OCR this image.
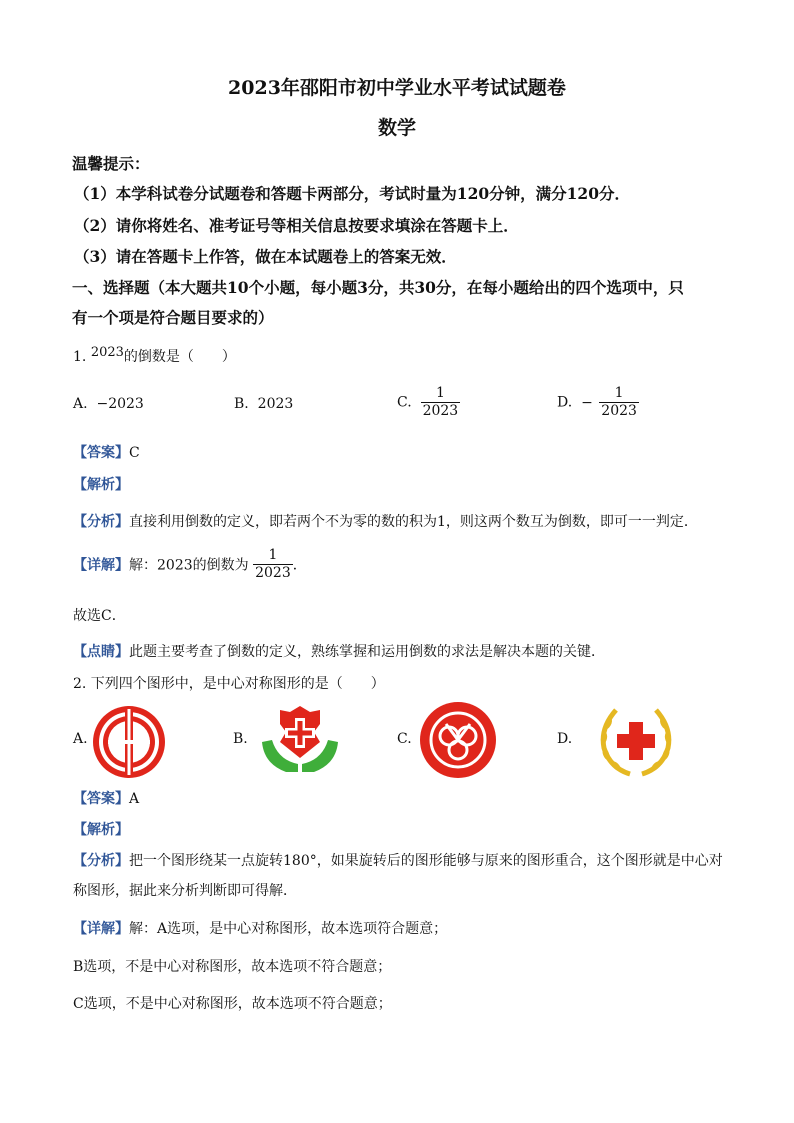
2023年邵阳市初中学业水平考试试题卷
数学
温馨提示：
（1）本学科试卷分试题卷和答题卡两部分，考试时量为120分钟，满分120分．
（2）请你将姓名、准考证号等相关信息按要求填涂在答题卡上．
（3）请在答题卡上作答，做在本试题卷上的答案无效．
一、选择题（本大题共10个小题，每小题3分，共30分，在每小题给出的四个选项中，只
有一个项是符合题目要求的）
1. 2023的倒数是（　　）
A. −2023	B. 2023	C. $\frac{1}{2023}$	D. − $\frac{1}{2023}$
【答案】C
【解析】
【分析】直接利用倒数的定义，即若两个不为零的数的积为1，则这两个数互为倒数，即可一一判定．
【详解】解：2023的倒数为 $\frac{1}{2023}$ ．
故选C．
【点睛】此题主要考查了倒数的定义，熟练掌握和运用倒数的求法是解决本题的关键．
2. 下列四个图形中，是中心对称图形的是（　　）
A.	B.	C.	D.
【答案】A
【解析】
【分析】把一个图形绕某一点旋转180°，如果旋转后的图形能够与原来的图形重合，这个图形就是中心对
称图形，据此来分析判断即可得解．
【详解】解：A选项，是中心对称图形，故本选项符合题意；
B选项，不是中心对称图形，故本选项不符合题意；
C选项，不是中心对称图形，故本选项不符合题意；
